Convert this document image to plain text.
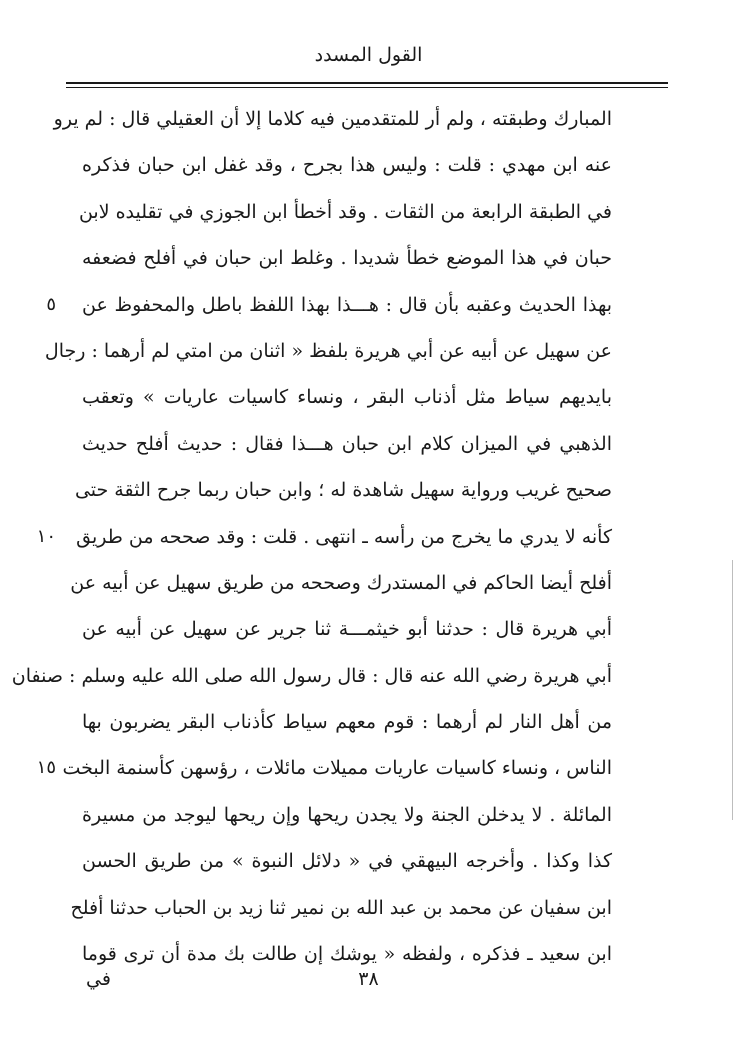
القول المسدد
المبارك وطبقته ، ولم أر للمتقدمين فيه كلاما إلا أن العقيلي قال : لم يرو
عنه ابن مهدي : قلت : وليس هذا بجرح ، وقد غفل ابن حبان فذكره
في الطبقة الرابعة من الثقات . وقد أخطأ ابن الجوزي في تقليده لابن
حبان في هذا الموضع خطأ شديدا . وغلط ابن حبان في أفلح فضعفه
بهذا الحديث وعقبه بأن قال : هـــذا بهذا اللفظ باطل والمحفوظ عن
٥
عن سهيل عن أبيه عن أبي هريرة بلفظ « اثنان من امتي لم أرهما : رجال
بايديهم سياط مثل أذناب البقر ، ونساء كاسيات عاريات » وتعقب
الذهبي في الميزان كلام ابن حبان هـــذا فقال : حديث أفلح حديث
صحيح غريب ورواية سهيل شاهدة له ؛ وابن حبان ربما جرح الثقة حتى
كأنه لا يدري ما يخرج من رأسه ـ انتهى . قلت : وقد صححه من طريق
١٠
أفلح أيضا الحاكم في المستدرك وصححه من طريق سهيل عن أبيه عن
أبي هريرة قال : حدثنا أبو خيثمـــة ثنا جرير عن سهيل عن أبيه عن
أبي هريرة رضي الله عنه قال : قال رسول الله صلى الله عليه وسلم : صنفان
من أهل النار لم أرهما : قوم معهم سياط كأذناب البقر يضربون بها
الناس ، ونساء كاسيات عاريات مميلات مائلات ، رؤسهن كأسنمة البخت
١٥
المائلة . لا يدخلن الجنة ولا يجدن ريحها وإن ريحها ليوجد من مسيرة
كذا وكذا . وأخرجه البيهقي في « دلائل النبوة » من طريق الحسن
ابن سفيان عن محمد بن عبد الله بن نمير ثنا زيد بن الحباب حدثنا أفلح
ابن سعيد ـ فذكره ، ولفظه « يوشك إن طالت بك مدة أن ترى قوما
٣٨
في
